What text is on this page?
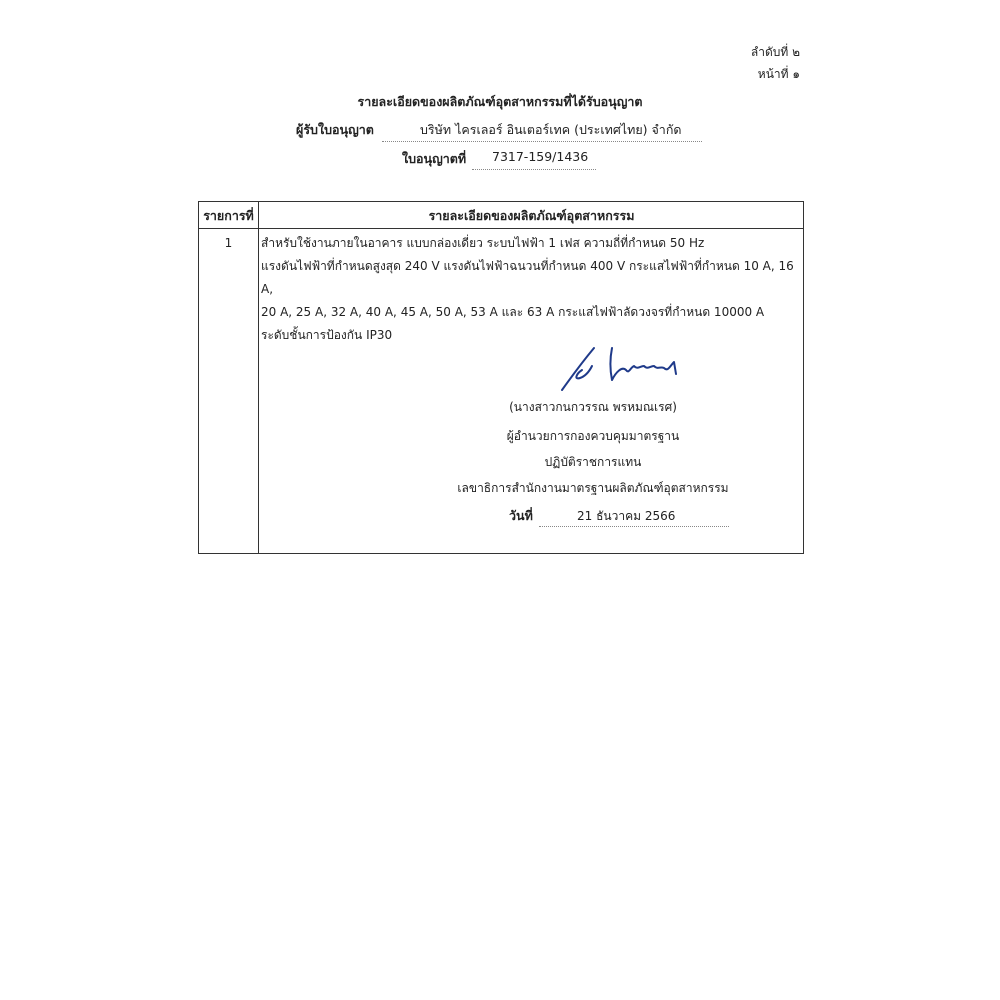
ลำดับที่ ๒
หน้าที่ ๑
รายละเอียดของผลิตภัณฑ์อุตสาหกรรมที่ได้รับอนุญาต
ผู้รับใบอนุญาต	บริษัท ไครเลอร์ อินเตอร์เทค (ประเทศไทย) จำกัด
ใบอนุญาตที่ 7317-159/1436
รายการที่	รายละเอียดของผลิตภัณฑ์อุตสาหกรรม
1	สำหรับใช้งานภายในอาคาร แบบกล่องเดี่ยว ระบบไฟฟ้า 1 เฟส ความถี่ที่กำหนด 50 Hz
แรงดันไฟฟ้าที่กำหนดสูงสุด 240 V แรงดันไฟฟ้าฉนวนที่กำหนด 400 V กระแสไฟฟ้าที่กำหนด 10 A, 16 A,
20 A, 25 A, 32 A, 40 A, 45 A, 50 A, 53 A และ 63 A กระแสไฟฟ้าลัดวงจรที่กำหนด 10000 A
ระดับชั้นการป้องกัน IP30
(นางสาวกนกวรรณ พรหมณเรศ)
ผู้อำนวยการกองควบคุมมาตรฐาน
ปฏิบัติราชการแทน
เลขาธิการสำนักงานมาตรฐานผลิตภัณฑ์อุตสาหกรรม
วันที่	21 ธันวาคม 2566
